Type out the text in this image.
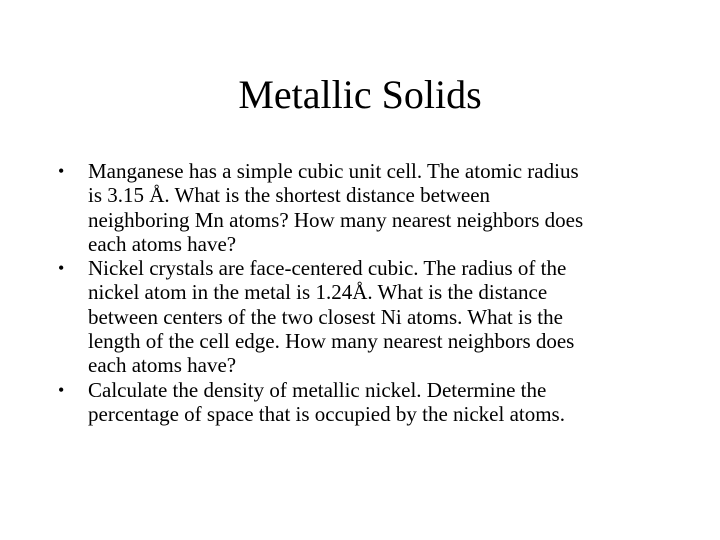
Metallic Solids
•	Manganese has a simple cubic unit cell. The atomic radius
is 3.15 Å. What is the shortest distance between
neighboring Mn atoms? How many nearest neighbors does
each atoms have?
•	Nickel crystals are face-centered cubic. The radius of the
nickel atom in the metal is 1.24Å. What is the distance
between centers of the two closest Ni atoms. What is the
length of the cell edge. How many nearest neighbors does
each atoms have?
•	Calculate the density of metallic nickel. Determine the
percentage of space that is occupied by the nickel atoms.
